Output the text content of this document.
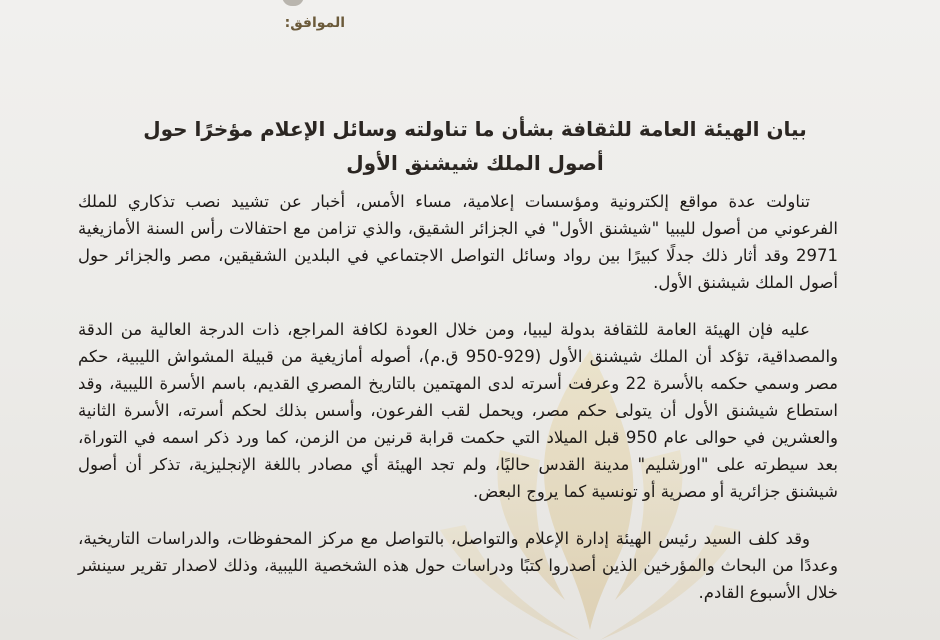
الموافق:
بيان الهيئة العامة للثقافة بشأن ما تناولته وسائل الإعلام مؤخرًا حول أصول الملك شيشنق الأول

تناولت عدة مواقع إلكترونية ومؤسسات إعلامية، مساء الأمس، أخبار عن تشييد نصب تذكاري للملك الفرعوني من أصول لليبيا "شيشنق الأول" في الجزائر الشقيق، والذي تزامن مع احتفالات رأس السنة الأمازيغية 2971 وقد أثار ذلك جدلًا كبيرًا بين رواد وسائل التواصل الاجتماعي في البلدين الشقيقين، مصر والجزائر حول أصول الملك شيشنق الأول.

عليه فإن الهيئة العامة للثقافة بدولة ليبيا، ومن خلال العودة لكافة المراجع، ذات الدرجة العالية من الدقة والمصداقية، تؤكد أن الملك شيشنق الأول (929-950 ق.م)، أصوله أمازيغية من قبيلة المشواش الليبية، حكم مصر وسمي حكمه بالأسرة 22 وعرفت أسرته لدى المهتمين بالتاريخ المصري القديم، باسم الأسرة الليبية، وقد استطاع شيشنق الأول أن يتولى حكم مصر، ويحمل لقب الفرعون، وأسس بذلك لحكم أسرته، الأسرة الثانية والعشرين في حوالى عام 950 قبل الميلاد التي حكمت قرابة قرنين من الزمن، كما ورد ذكر اسمه في التوراة، بعد سيطرته على "اورشليم" مدينة القدس حاليًا، ولم تجد الهيئة أي مصادر باللغة الإنجليزية، تذكر أن أصول شيشنق جزائرية أو مصرية أو تونسية كما يروج البعض.

وقد كلف السيد رئيس الهيئة إدارة الإعلام والتواصل، بالتواصل مع مركز المحفوظات، والدراسات التاريخية، وعددًا من البحاث والمؤرخين الذين أصدروا كتبًا ودراسات حول هذه الشخصية الليبية، وذلك لاصدار تقرير سينشر خلال الأسبوع القادم.
